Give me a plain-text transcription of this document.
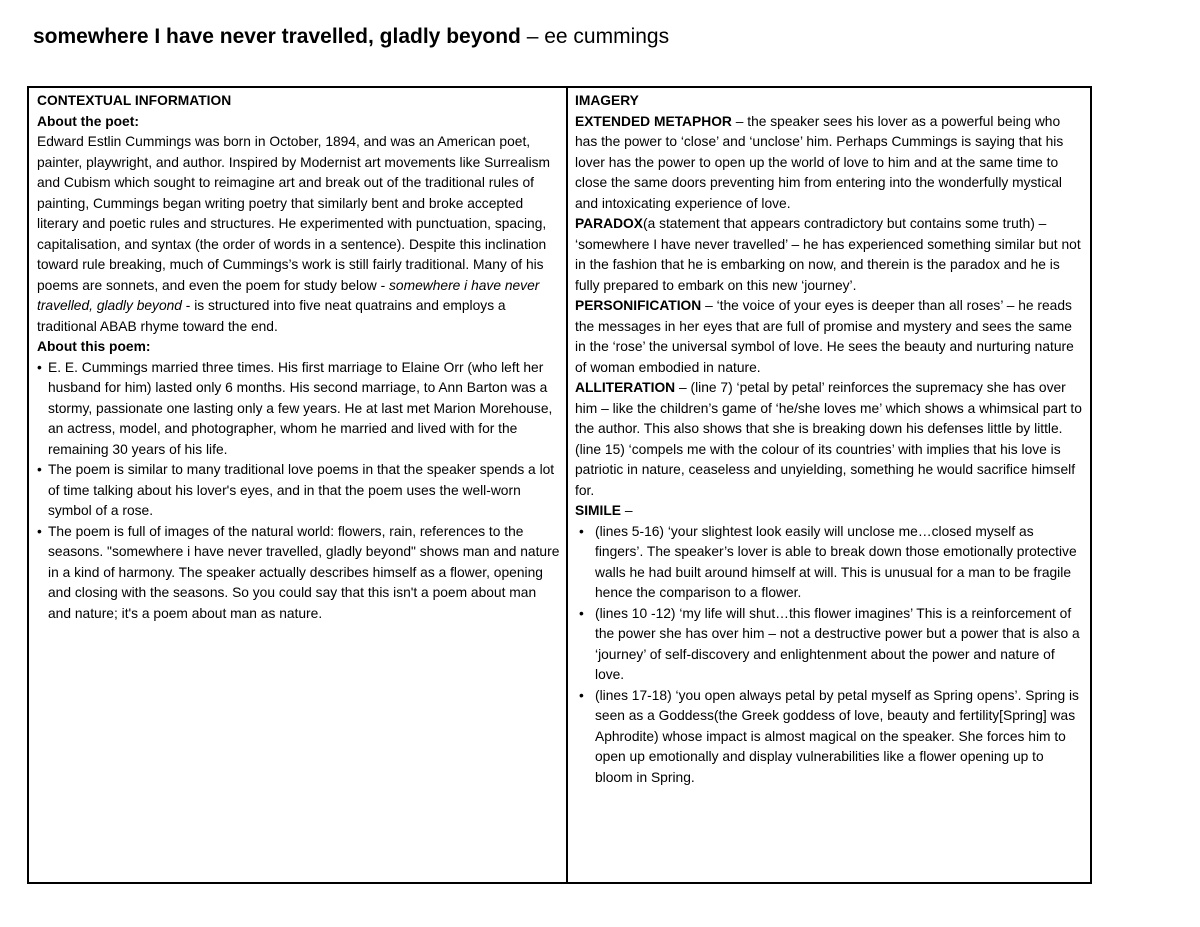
somewhere I have never travelled, gladly beyond – ee cummings

CONTEXTUAL INFORMATION

About the poet:

Edward Estlin Cummings was born in October, 1894, and was an American poet, painter, playwright, and author. Inspired by Modernist art movements like Surrealism and Cubism which sought to reimagine art and break out of the traditional rules of painting, Cummings began writing poetry that similarly bent and broke accepted literary and poetic rules and structures. He experimented with punctuation, spacing, capitalisation, and syntax (the order of words in a sentence). Despite this inclination toward rule breaking, much of Cummings’s work is still fairly traditional. Many of his poems are sonnets, and even the poem for study below - somewhere i have never travelled, gladly beyond - is structured into five neat quatrains and employs a traditional ABAB rhyme toward the end.

About this poem:

• E. E. Cummings married three times. His first marriage to Elaine Orr (who left her husband for him) lasted only 6 months. His second marriage, to Ann Barton was a stormy, passionate one lasting only a few years. He at last met Marion Morehouse, an actress, model, and photographer, whom he married and lived with for the remaining 30 years of his life.
• The poem is similar to many traditional love poems in that the speaker spends a lot of time talking about his lover's eyes, and in that the poem uses the well-worn symbol of a rose.
• The poem is full of images of the natural world: flowers, rain, references to the seasons. "somewhere i have never travelled, gladly beyond" shows man and nature in a kind of harmony. The speaker actually describes himself as a flower, opening and closing with the seasons. So you could say that this isn't a poem about man and nature; it's a poem about man as nature.

IMAGERY

EXTENDED METAPHOR – the speaker sees his lover as a powerful being who has the power to ‘close’ and ‘unclose’ him. Perhaps Cummings is saying that his lover has the power to open up the world of love to him and at the same time to close the same doors preventing him from entering into the wonderfully mystical and intoxicating experience of love.

PARADOX(a statement that appears contradictory but contains some truth) – ‘somewhere I have never travelled’ – he has experienced something similar but not in the fashion that he is embarking on now, and therein is the paradox and he is fully prepared to embark on this new ‘journey’.

PERSONIFICATION – ‘the voice of your eyes is deeper than all roses’ – he reads the messages in her eyes that are full of promise and mystery and sees the same in the ‘rose’ the universal symbol of love. He sees the beauty and nurturing nature of woman embodied in nature.

ALLITERATION – (line 7) ‘petal by petal’ reinforces the supremacy she has over him – like the children’s game of ‘he/she loves me’ which shows a whimsical part to the author. This also shows that she is breaking down his defenses little by little.

(line 15) ‘compels me with the colour of its countries’ with implies that his love is patriotic in nature, ceaseless and unyielding, something he would sacrifice himself for.

SIMILE –

• (lines 5-16) ‘your slightest look easily will unclose me…closed myself as fingers’. The speaker’s lover is able to break down those emotionally protective walls he had built around himself at will. This is unusual for a man to be fragile hence the comparison to a flower.
• (lines 10 -12) ‘my life will shut…this flower imagines’ This is a reinforcement of the power she has over him – not a destructive power but a power that is also a ‘journey’ of self-discovery and enlightenment about the power and nature of love.
• (lines 17-18) ‘you open always petal by petal myself as Spring opens’. Spring is seen as a Goddess(the Greek goddess of love, beauty and fertility[Spring] was Aphrodite) whose impact is almost magical on the speaker. She forces him to open up emotionally and display vulnerabilities like a flower opening up to bloom in Spring.
